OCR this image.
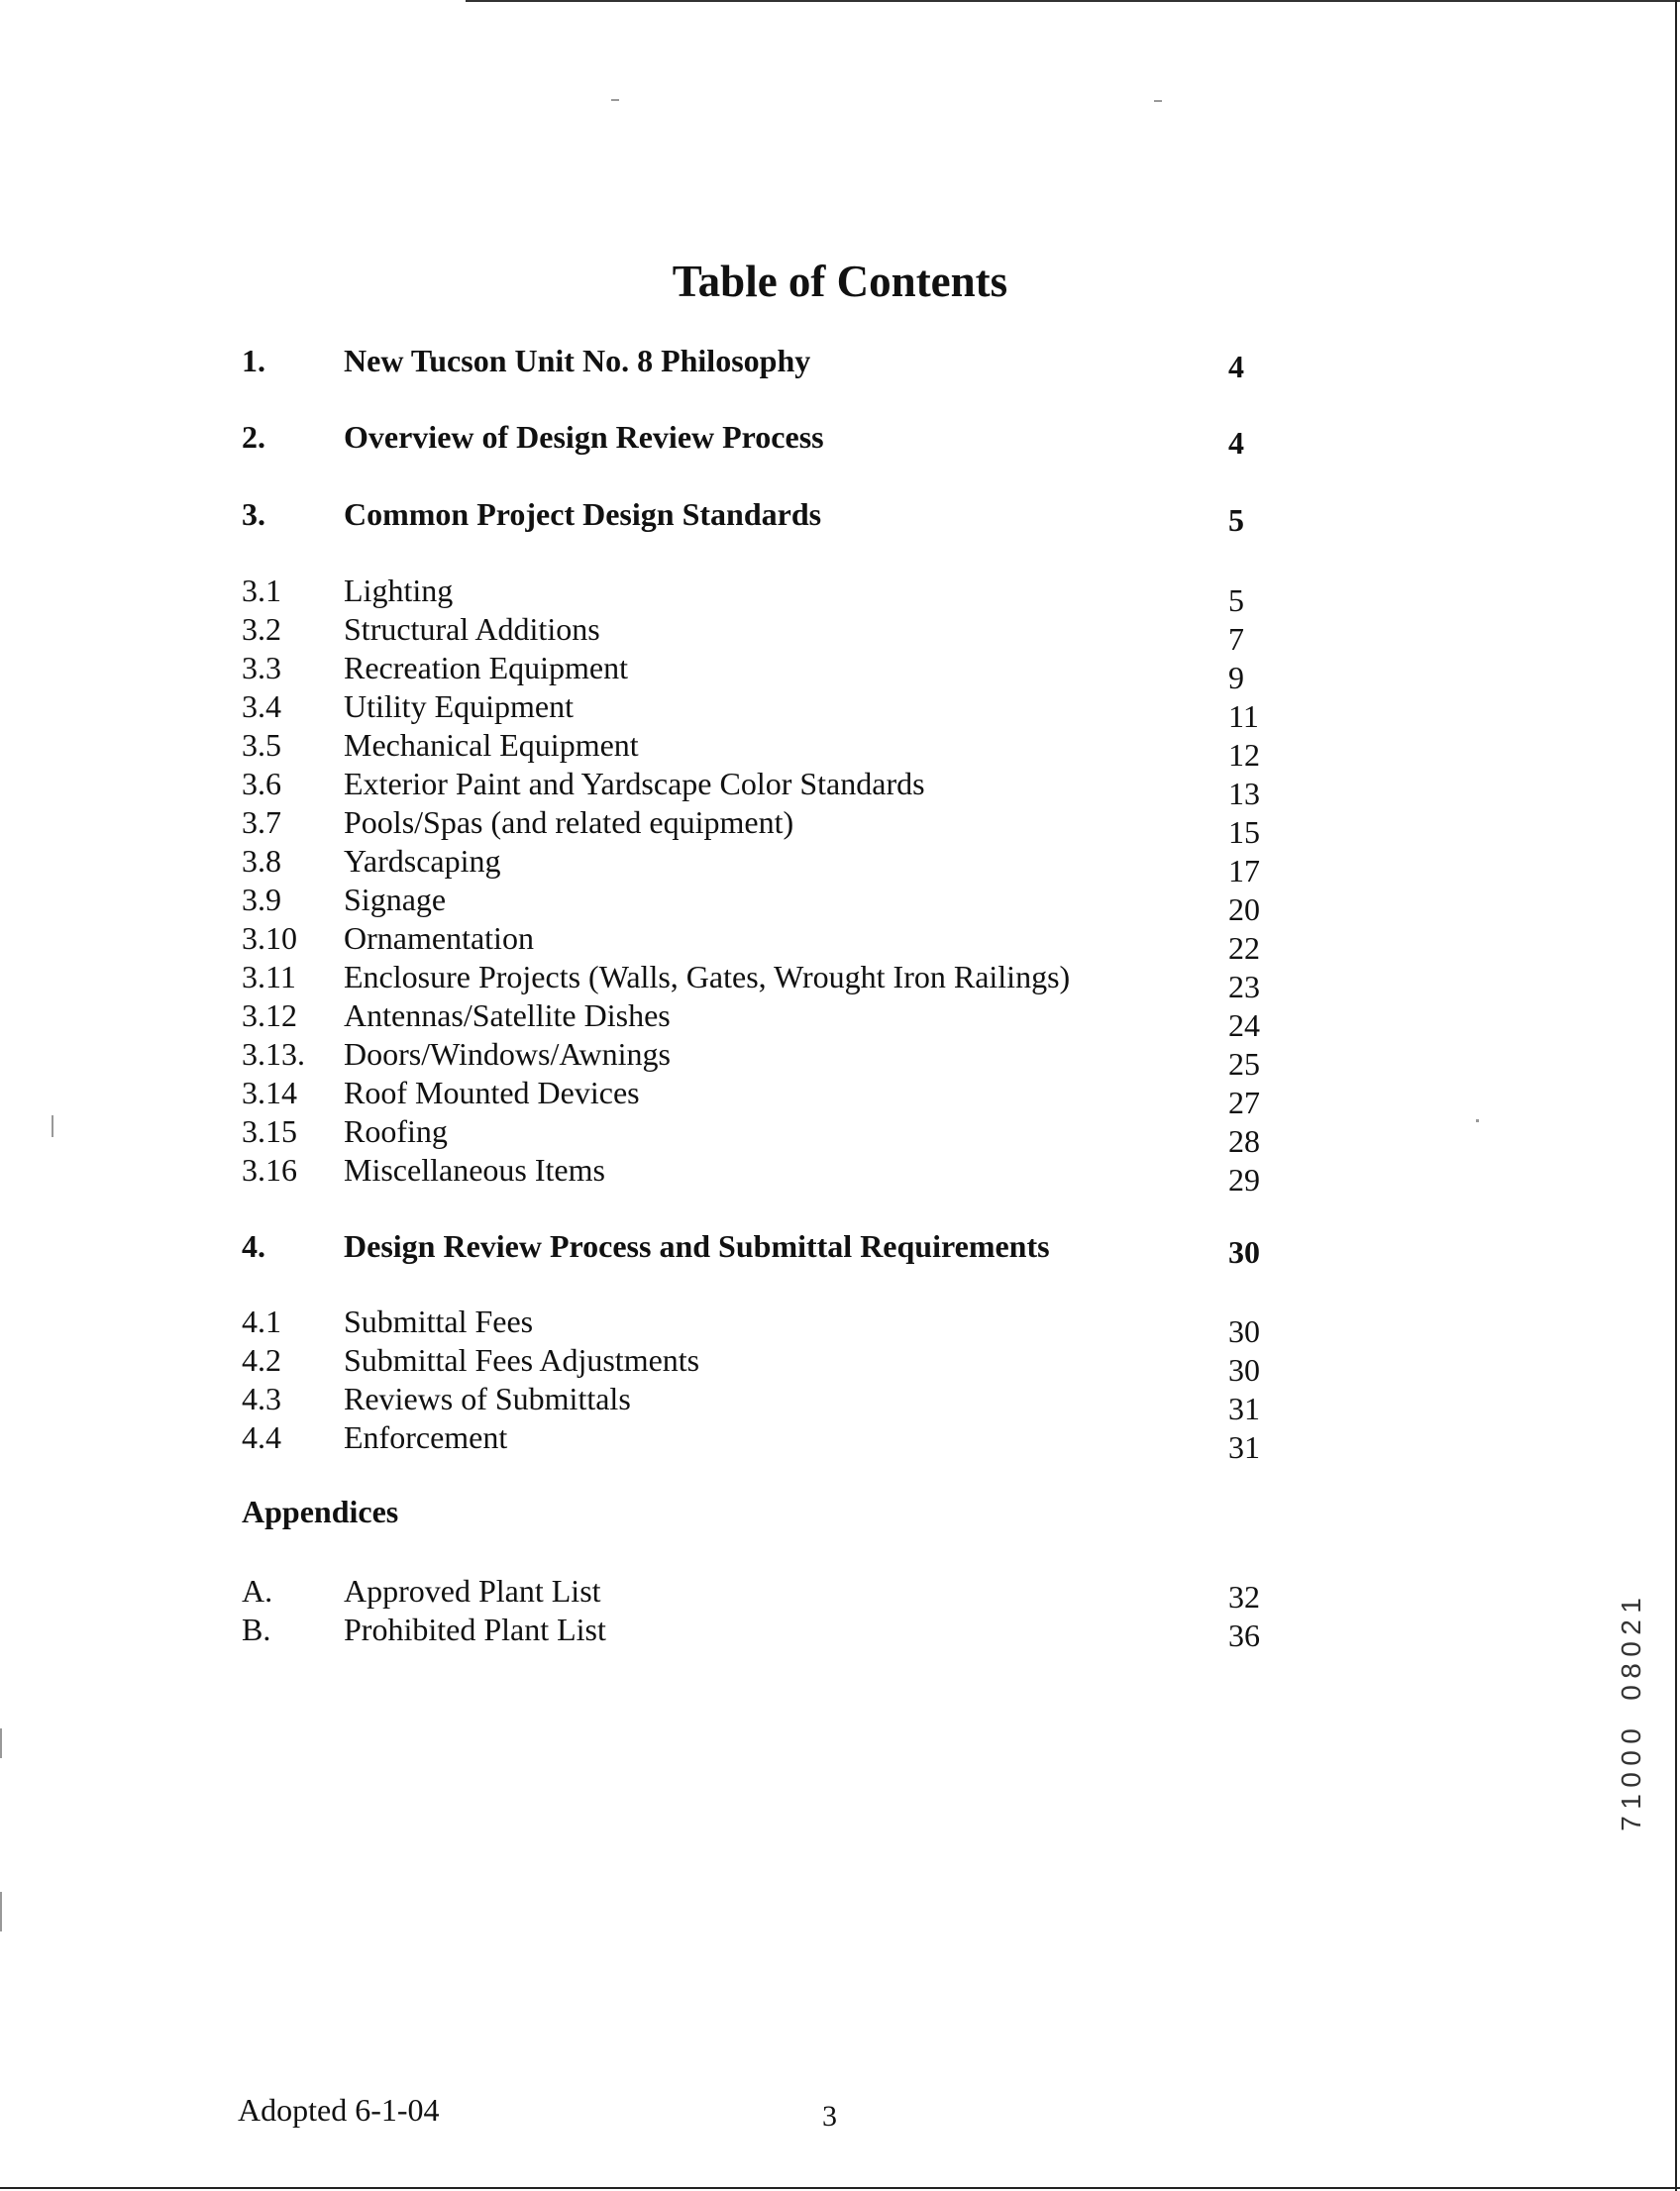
Table of Contents
1. New Tucson Unit No. 8 Philosophy	4
2. Overview of Design Review Process	4
3. Common Project Design Standards	5
3.1 Lighting	5
3.2 Structural Additions	7
3.3 Recreation Equipment	9
3.4 Utility Equipment	11
3.5 Mechanical Equipment	12
3.6 Exterior Paint and Yardscape Color Standards	13
3.7 Pools/Spas (and related equipment)	15
3.8 Yardscaping	17
3.9 Signage	20
3.10 Ornamentation	22
3.11 Enclosure Projects (Walls, Gates, Wrought Iron Railings)	23
3.12 Antennas/Satellite Dishes	24
3.13. Doors/Windows/Awnings	25
3.14 Roof Mounted Devices	27
3.15 Roofing	28
3.16 Miscellaneous Items	29
4. Design Review Process and Submittal Requirements	30
4.1 Submittal Fees	30
4.2 Submittal Fees Adjustments	30
4.3 Reviews of Submittals	31
4.4 Enforcement	31
Appendices
A. Approved Plant List	32
B. Prohibited Plant List	36
1
2
0
8
0

0
0
0
1
7
Adopted 6-1-04	3
